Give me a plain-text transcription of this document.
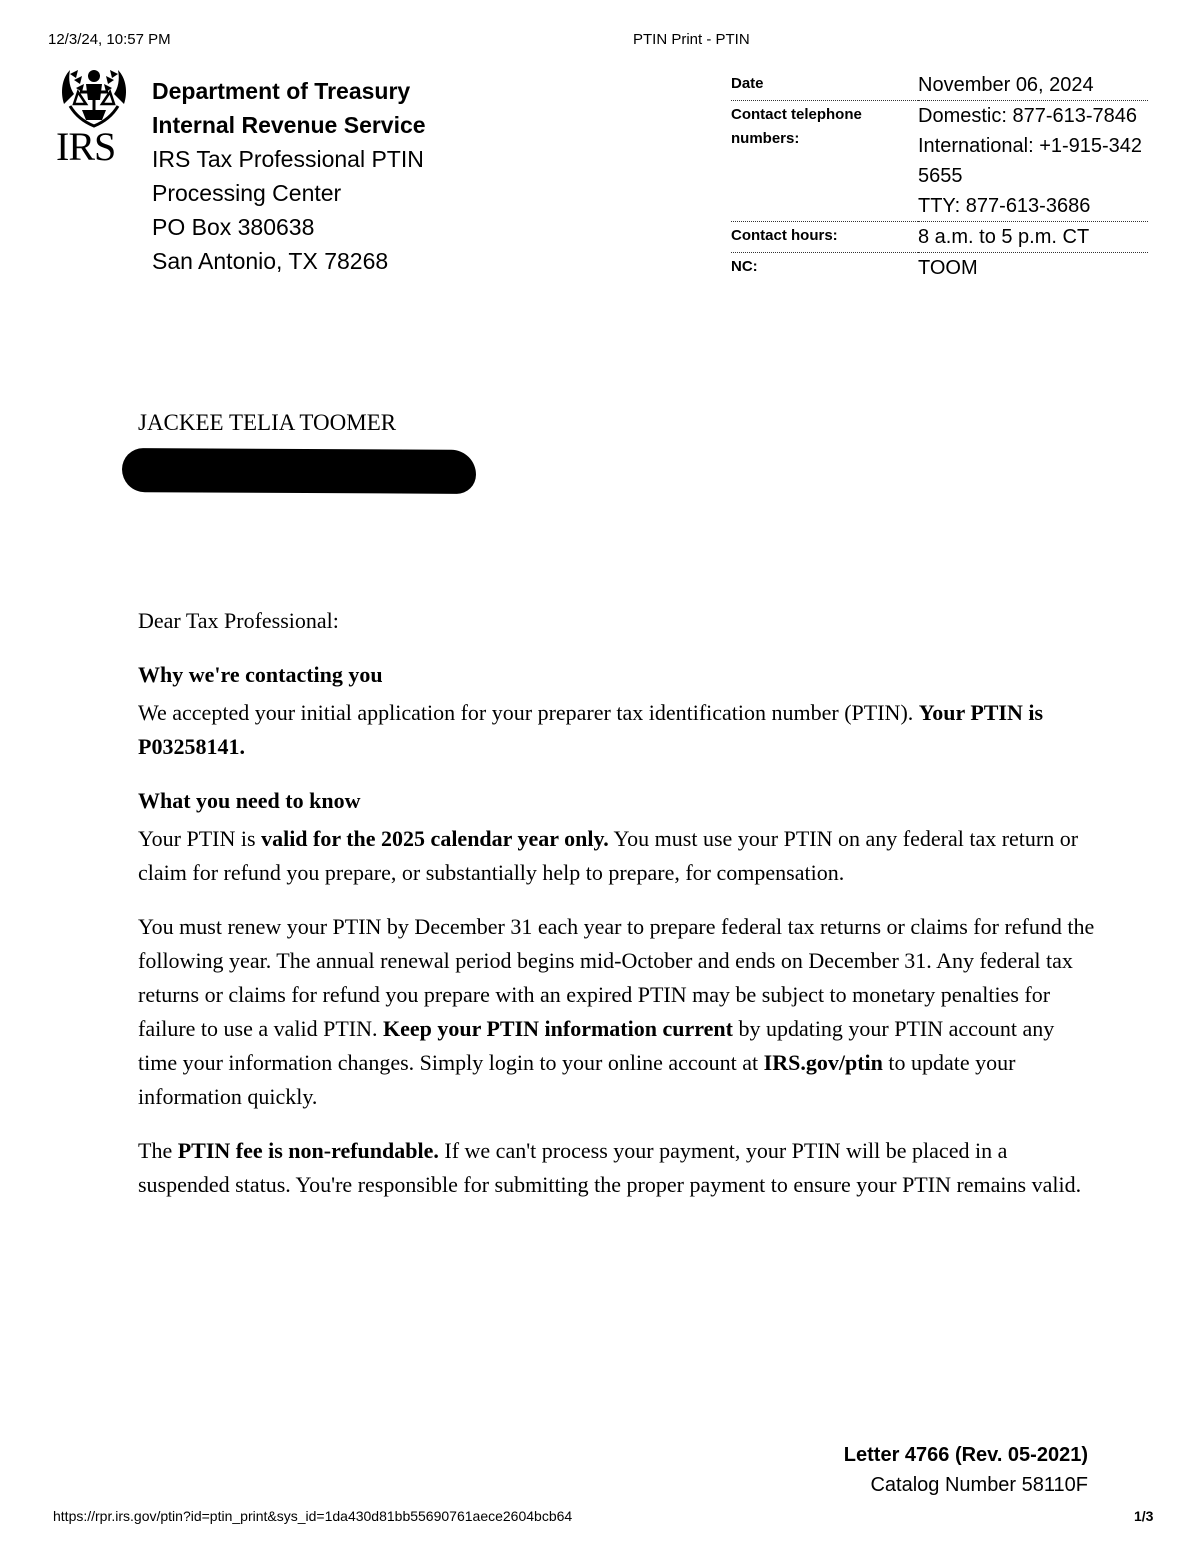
12/3/24, 10:57 PM	PTIN Print - PTIN
IRS
Department of Treasury
Internal Revenue Service
IRS Tax Professional PTIN
Processing Center
PO Box 380638
San Antonio, TX 78268
Date	November 06, 2024
Contact telephone numbers:	Domestic: 877-613-7846
International: +1-915-342 5655
TTY: 877-613-3686

Contact hours:	8 a.m. to 5 p.m. CT
NC:	TOOM
JACKEE TELIA TOOMER

Dear Tax Professional:

Why we're contacting you

We accepted your initial application for your preparer tax identification number (PTIN). Your PTIN is P03258141.

What you need to know

Your PTIN is valid for the 2025 calendar year only. You must use your PTIN on any federal tax return or claim for refund you prepare, or substantially help to prepare, for compensation.

You must renew your PTIN by December 31 each year to prepare federal tax returns or claims for refund the following year. The annual renewal period begins mid-October and ends on December 31. Any federal tax returns or claims for refund you prepare with an expired PTIN may be subject to monetary penalties for failure to use a valid PTIN. Keep your PTIN information current by updating your PTIN account any time your information changes. Simply login to your online account at IRS.gov/ptin to update your information quickly.

The PTIN fee is non-refundable. If we can't process your payment, your PTIN will be placed in a suspended status. You're responsible for submitting the proper payment to ensure your PTIN remains valid.

Letter 4766 (Rev. 05-2021)
Catalog Number 58110F
https://rpr.irs.gov/ptin?id=ptin_print&sys_id=1da430d81bb55690761aece2604bcb64	1/3
